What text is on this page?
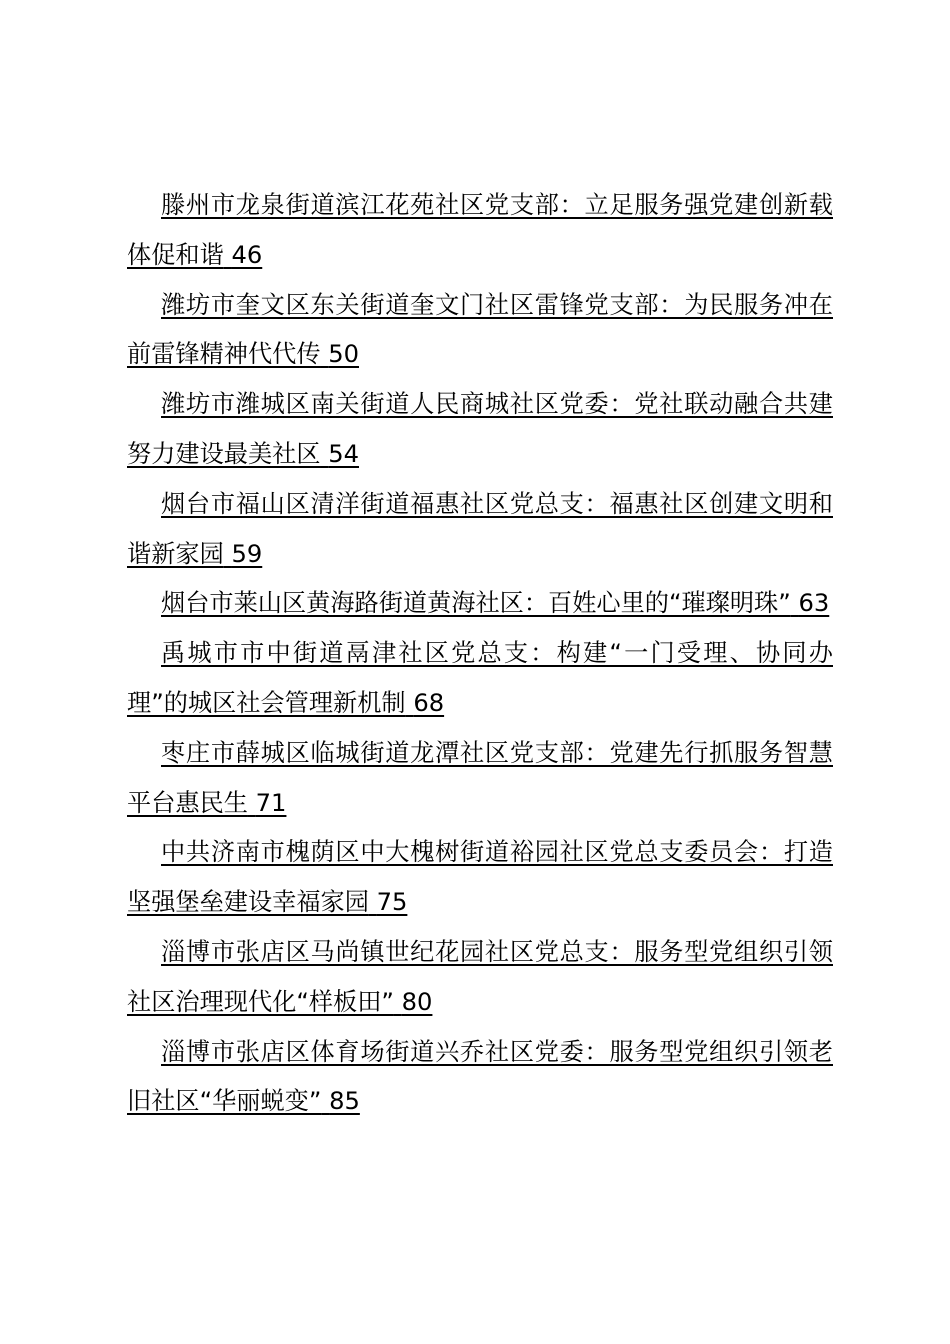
滕州市龙泉街道滨江花苑社区党支部：立足服务强党建创新载体促和谐 46

潍坊市奎文区东关街道奎文门社区雷锋党支部：为民服务冲在前雷锋精神代代传 50

潍坊市潍城区南关街道人民商城社区党委：党社联动融合共建努力建设最美社区 54

烟台市福山区清洋街道福惠社区党总支：福惠社区创建文明和谐新家园 59

烟台市莱山区黄海路街道黄海社区：百姓心里的“璀璨明珠” 63

禹城市市中街道鬲津社区党总支：构建“一门受理、协同办理”的城区社会管理新机制 68

枣庄市薛城区临城街道龙潭社区党支部：党建先行抓服务智慧平台惠民生 71

中共济南市槐荫区中大槐树街道裕园社区党总支委员会：打造坚强堡垒建设幸福家园 75

淄博市张店区马尚镇世纪花园社区党总支：服务型党组织引领社区治理现代化“样板田” 80

淄博市张店区体育场街道兴乔社区党委：服务型党组织引领老旧社区“华丽蜕变” 85
